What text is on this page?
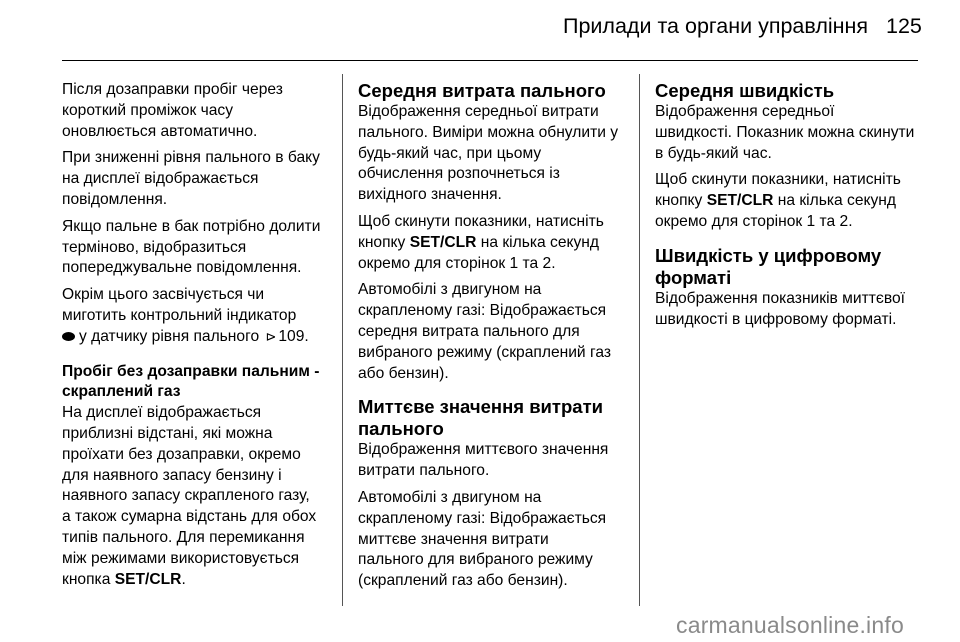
Прилади та органи управління 125

Після дозаправки пробіг через
короткий проміжок часу
оновлюється автоматично.

При зниженні рівня пального в баку
на дисплеї відображається
повідомлення.

Якщо пальне в бак потрібно долити
терміново, відобразиться
попереджувальне повідомлення.

Окрім цього засвічується чи
миготить контрольний індикатор
у датчику рівня пального ⊳ 109.

Пробіг без дозаправки пальним -
скраплений газ

На дисплеї відображається
приблизні відстані, які можна
проїхати без дозаправки, окремо
для наявного запасу бензину і
наявного запасу скрапленого газу,
а також сумарна відстань для обох
типів пального. Для перемикання
між режимами використовується
кнопка SET/CLR.

Середня витрата пального

Відображення середньої витрати
пального. Виміри можна обнулити у
будь-який час, при цьому
обчислення розпочнеться із
вихідного значення.

Щоб скинути показники, натисніть
кнопку SET/CLR на кілька секунд
окремо для сторінок 1 та 2.

Автомобілі з двигуном на
скрапленому газі: Відображається
середня витрата пального для
вибраного режиму (скраплений газ
або бензин).

Миттєве значення витрати
пального

Відображення миттєвого значення
витрати пального.

Автомобілі з двигуном на
скрапленому газі: Відображається
миттєве значення витрати
пального для вибраного режиму
(скраплений газ або бензин).

Середня швидкість

Відображення середньої
швидкості. Показник можна скинути
в будь-який час.

Щоб скинути показники, натисніть
кнопку SET/CLR на кілька секунд
окремо для сторінок 1 та 2.

Швидкість у цифровому
форматі

Відображення показників миттєвої
швидкості в цифровому форматі.

carmanualsonline.info
